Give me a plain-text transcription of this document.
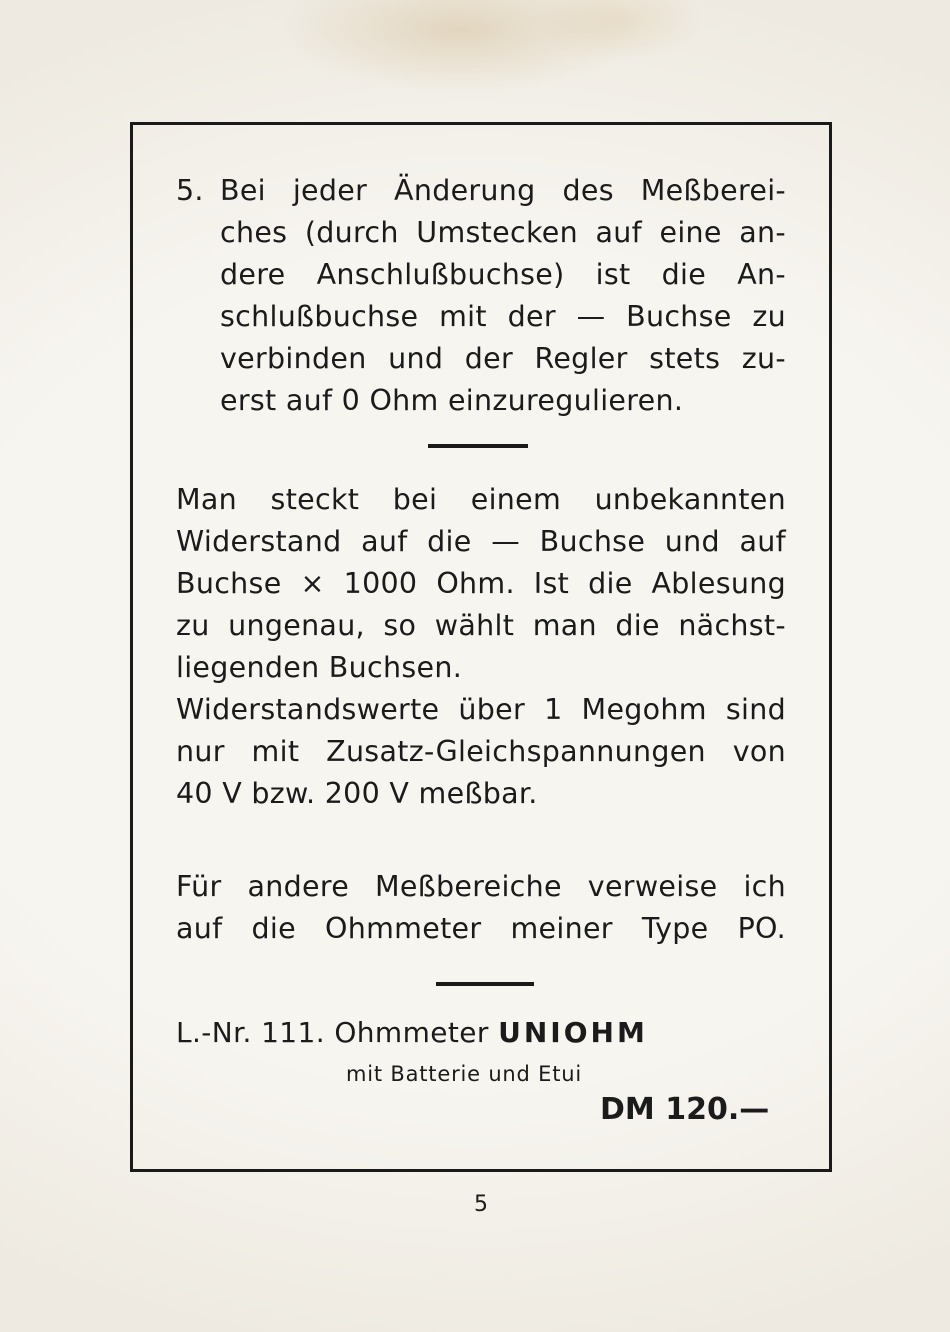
5. Bei jeder Änderung des Meßberei-
ches (durch Umstecken auf eine an-
dere Anschlußbuchse) ist die An-
schlußbuchse mit der — Buchse zu
verbinden und der Regler stets zu-
erst auf 0 Ohm einzuregulieren.
Man steckt bei einem unbekannten
Widerstand auf die — Buchse und auf
Buchse × 1000 Ohm. Ist die Ablesung
zu ungenau, so wählt man die nächst-
liegenden Buchsen.
Widerstandswerte über 1 Megohm sind
nur mit Zusatz-Gleichspannungen von
40 V bzw. 200 V meßbar.
Für andere Meßbereiche verweise ich
auf die Ohmmeter meiner Type PO.
L.-Nr. 111. Ohmmeter UNIOHM
mit Batterie und Etui
DM 120.—
5
